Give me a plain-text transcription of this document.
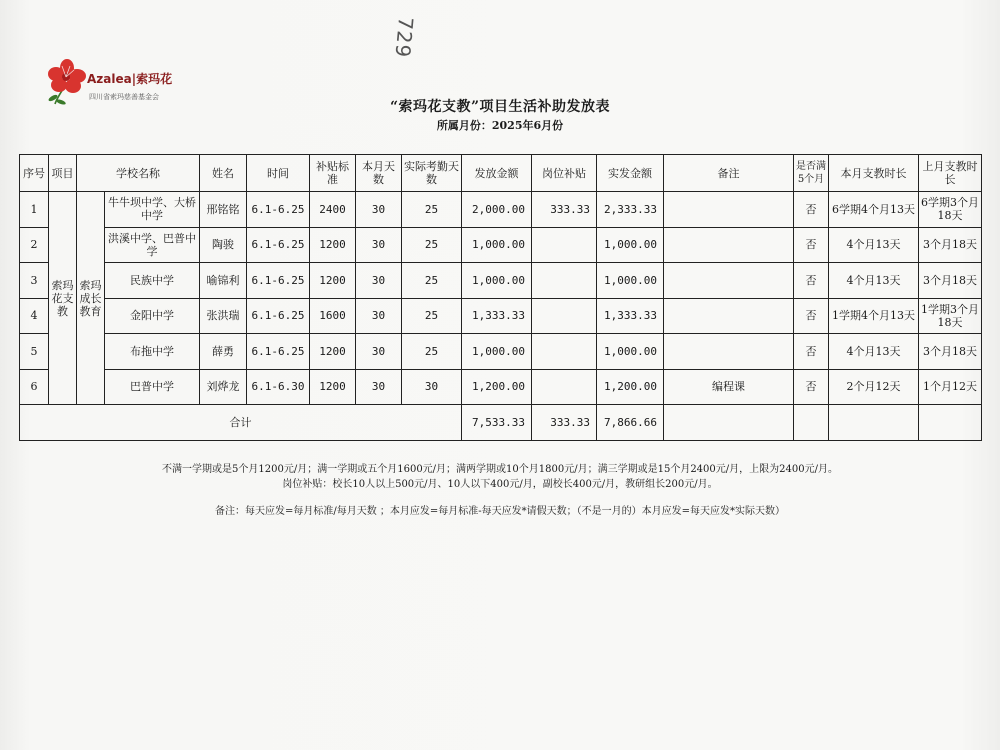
729
Azalea|索玛花
四川省索玛慈善基金会
“索玛花支教”项目生活补助发放表
所属月份：2025年6月份
序号	项目	学校名称		姓名	时间	补贴标准	本月天数	实际考勤天数	发放金额	岗位补贴	实发金额	备注	是否满5个月	本月支教时长	上月支教时长
1	索玛花支教	索玛成长教育	牛牛坝中学、大桥中学	邢铭铭	6.1-6.25	2400	30	25	2,000.00	333.33	2,333.33		否	6学期4个月13天	6学期3个月18天
2			洪溪中学、巴普中学	陶骏	6.1-6.25	1200	30	25	1,000.00		1,000.00		否	4个月13天	3个月18天
3			民族中学	喻锦利	6.1-6.25	1200	30	25	1,000.00		1,000.00		否	4个月13天	3个月18天
4			金阳中学	张洪瑞	6.1-6.25	1600	30	25	1,333.33		1,333.33		否	1学期4个月13天	1学期3个月18天
5			布拖中学	薛勇	6.1-6.25	1200	30	25	1,000.00		1,000.00		否	4个月13天	3个月18天
6			巴普中学	刘烨龙	6.1-6.30	1200	30	30	1,200.00		1,200.00	编程课	否	2个月12天	1个月12天
合计									7,533.33	333.33	7,866.66				
不满一学期或是5个月1200元/月；满一学期或五个月1600元/月；满两学期或10个月1800元/月；满三学期或是15个月2400元/月，上限为2400元/月。
岗位补贴：校长10人以上500元/月、10人以下400元/月，副校长400元/月，教研组长200元/月。
备注：每天应发=每月标准/每月天数 ；本月应发=每月标准-每天应发*请假天数；（不是一月的）本月应发=每天应发*实际天数）
